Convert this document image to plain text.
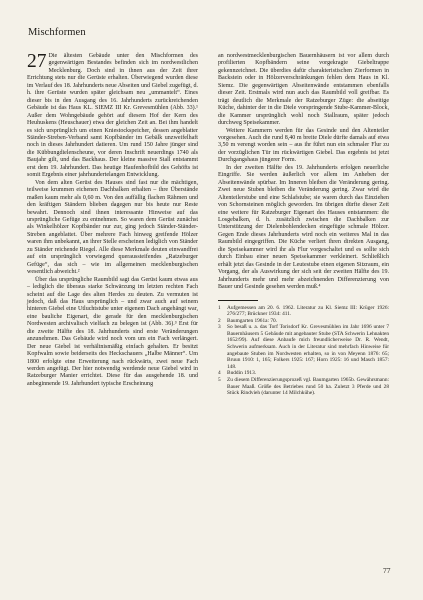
Mischformen

27 Die ältesten Gebäude unter den Mischformen des gegenwärtigen Bestandes befinden sich im nordwestlichen Mecklenburg. Doch sind in ihnen aus der Zeit ihrer Errichtung stets nur die Gerüste erhalten. Überwiegend wurden diese im Verlauf des 18. Jahrhunderts neue Abseiten und Giebel zugefügt, d. h. ihre Gerüste wurden später gleichsam neu „ummantelt“. Eines dieser bis in den Ausgang des 16. Jahrhunderts zurückreichenden Gebäude ist das Haus KL. SIEMZ III Kr. Grevesmühlen (Abb. 33).¹ Außer dem Wohngebäude gehört auf diesem Hof der Kern des Heuhuskens (Heuschauer) etwa der gleichen Zeit an. Bei ihm handelt es sich ursprünglich um einen Kniestockspeicher, dessen angeblatter Ständer-Streben-Verband samt Kopfbänder im Gebälk unzweifelhaft noch in dieses Jahrhundert datieren. Um rund 150 Jahre jünger sind die Kübbungdielenscheune, vor deren Inschrift neuerdings 1740 als Baujahr gilt, und das Backhaus. Der kleine massive Stall entstammt erst dem 19. Jahrhundert. Das heutige Haufenhofbild des Gehöfts ist somit Ergebnis einer jahrhundertelangen Entwicklung.

Von dem alten Gerüst des Hauses sind fast nur die mächtigen, teilweise krummen eichenen Dachbalken erhalten – ihre Überstände maßen kaum mehr als 0,60 m. Von den auffällig flachen Rähmen und den kräftigen Ständern blieben dagegen nur bis heute nur Reste bewahrt. Dennoch sind ihnen interessante Hinweise auf das ursprüngliche Gefüge zu entnehmen. So waren dem Gerüst zunächst als Winkelhölzer Kopfbänder nur zur, ging jedoch Ständer-Ständer-Streben angeblattet. Über mehrere Fach hinweg greifende Hölzer waren ihm unbekannt, an ihrer Stelle erscheinen lediglich von Ständer zu Ständer reichende Riegel. Alle diese Merkmale deuten einwandfrei auf ein ursprünglich vorwiegend queraussteifendes „Ratzeburger Gefüge“, das sich – wie im allgemeinen mecklenburgischen wesentlich abweicht.²

Über das ursprüngliche Raumbild sagt das Gerüst kaum etwas aus – lediglich die überaus starke Schwärzung im letzten rechten Fach scheint auf die Lage des alten Herdes zu deuten. Zu vermuten ist jedoch, daß das Haus ursprünglich – und zwar auch auf seinem hinteren Giebel eine Utluchtstube unter eigenem Dach angehängt war, eine bauliche Eigenart, die gerade für den mecklenburgischen Nordwesten archivalisch vielfach zu belegen ist (Abb. 36).³ Erst für die zweite Hälfte des 18. Jahrhunderts sind erste Veränderungen anzunehmen. Das Gebäude wird noch vom um ein Fach verlängert. Der neue Giebel ist verhältnismäßig einfach gehalten. Er besitzt Kopfwalm sowie beiderseits des Heckschauers „Halbe Männer“. Um 1800 erfolgte eine Erweiterung nach rückwärts, zwei neue Fach werden angefügt. Der hier notwendig werdende neue Giebel wird in Ratzeburger Manier errichtet. Diese für das ausgehende 18. und anbeginnende 19. Jahrhundert typische Erscheinung

an nordwestmecklenburgischen Bauernhäusern ist vor allem durch profilierten Kopfbändern seine vorgekragte Giebeltrappe gekennzeichnet. Die überdies dafür charakteristischen Zierformen in Backstein oder in Hölzerverschränkungen fehlen dem Haus in Kl. Siemz. Die gegenwärtigen Abseitenwände entstammen ebenfalls dieser Zeit. Erstmals wird nun auch das Raumbild voll greifbar. Es trägt deutlich die Merkmale der Ratzeburger Züge: die abseitige Küche, dahinter der in die Diele vorspringende Stube-Kammer-Block, die Kammer ursprünglich wohl noch Stallraum, später jedoch durchweg Speisekammer.

Weitere Kammern werden für das Gesinde und den Altenteiler vorgesehen. Auch die rund 8,40 m breite Diele dürfte damals auf etwa 3,50 m verengt worden sein – aus ihr führt nun ein schmaler Flur zu der vorzüglichen Tür im rückwärtigen Giebel. Das ergebnis ist jetzt Durchgangshaus jüngerer Form.

In der zweiten Hälfte des 19. Jahrhunderts erfolgen neuerliche Eingriffe. Sie werden äußerlich vor allem im Anheben der Abseitenwände spürbar. Im Inneren bleiben die Veränderung gering. Zwei neue Stuben bleiben die Veränderung gering. Zwar wird die Altenteilerstube und eine Schlafstube; sie waren durch das Einziehen von Schornsteinen möglich geworden. Im übrigen dürfte dieser Zeit eine weitere für Ratzeburger Eigenart des Hauses entstammen: die Losgebalken, d. h. zusätzlich zwischen die Dachbalken zur Unterstützung der Dielenbohlendecken eingefügte schmale Hölzer. Gegen Ende dieses Jahrhunderts wird noch ein weiteres Mal in das Raumbild eingegriffen. Die Küche verliert ihren direkten Ausgang, die Speisekammer wird ihr als Flur vorgeschaltet und es sollte sich durch Einbau einer neuen Speisekammer verkleinert. Schließlich erhält jetzt das Gesinde in der Leutestube einen eigenen Sitzraum, ein Vorgang, der als Auswirkung der sich seit der zweiten Hälfte des 19. Jahrhunderts mehr und mehr abzeichnenden Differenzierung von Bauer und Gesinde gesehen werden muß.⁴

1 Aufgemessen am 20. 6. 1962. Literatur zu Kl. Siemz III: Krüger 1926: 276/277; Brückner 1934: 411.
2 Baumgarten 1961a: 70.
3 So besaß u. a. das Torf Torisdorf Kr. Grevesmühlen im Jahr 1696 unter 7 Bauernhäusern 5 Gebäude mit angebauter Stube (STA Schwerin Lehnakten 1652/99). Auf diese Anbaufe mich freundlicherweise Dr. R. Wendt, Schwerin aufmerksam. Auch in der Literatur sind mehrfach Hinweise für angebaute Stuben im Nordwesten erhalten, so in von Meyenn 1876: 65; Bruun 1910: 1, 165; Folkers 1925: 167; Horn 1925: 16 und Masch 1857: 148.
4 Buddin 1913.
5 Zu diesem Differenzierungsprozeß vgl. Baumgarten 1965b. Gewährsmann: Bauer Maaß. Größe des Betriebes rund 50 ha. Zuletzt 3 Pferde und 28 Stück Rindvieh (darunter 14 Milchkühe).
77
